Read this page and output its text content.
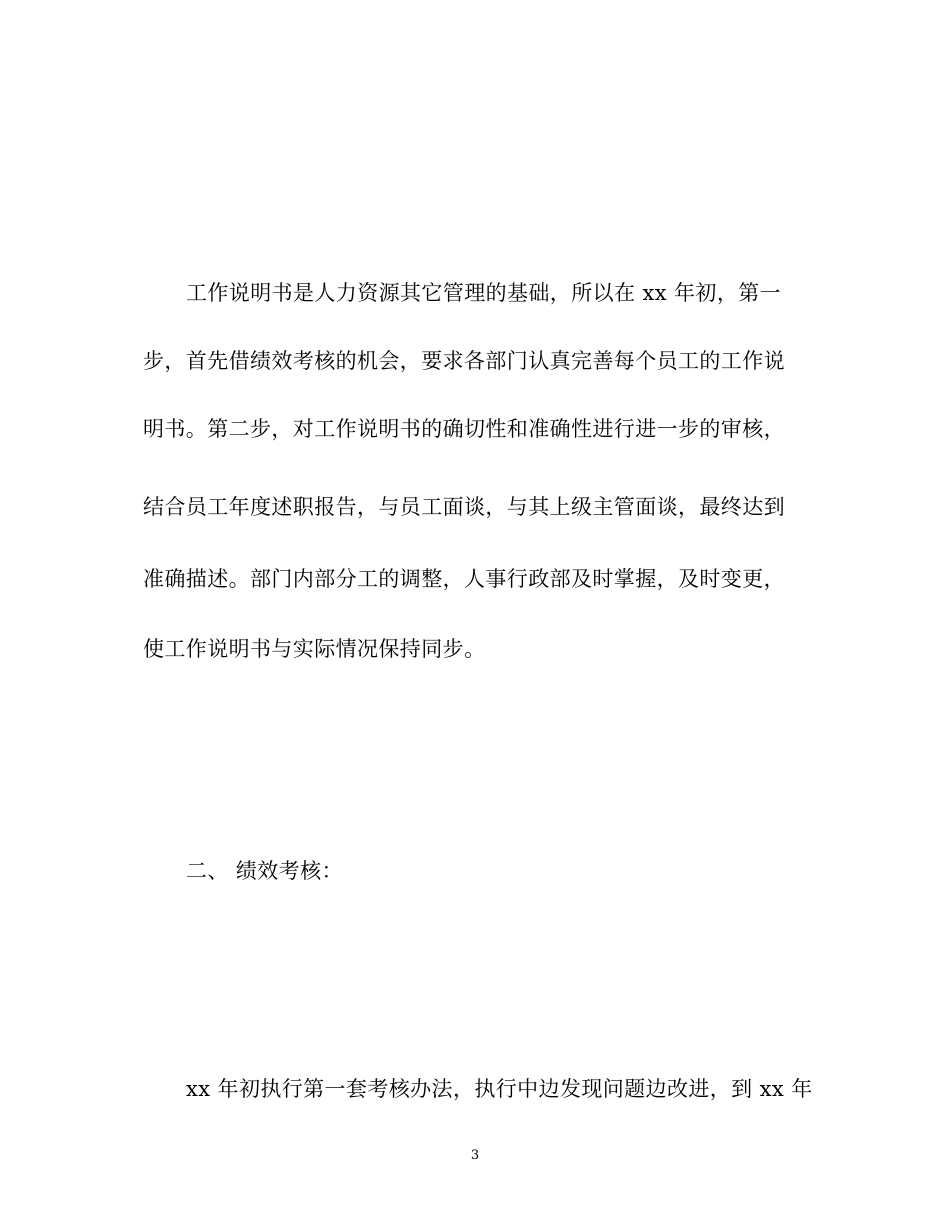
工作说明书是人力资源其它管理的基础，所以在 xx 年初，第一
步，首先借绩效考核的机会，要求各部门认真完善每个员工的工作说
明书。第二步，对工作说明书的确切性和准确性进行进一步的审核，
结合员工年度述职报告，与员工面谈，与其上级主管面谈，最终达到
准确描述。部门内部分工的调整，人事行政部及时掌握，及时变更，
使工作说明书与实际情况保持同步。
二、 绩效考核：
xx 年初执行第一套考核办法，执行中边发现问题边改进，到 xx 年
3
